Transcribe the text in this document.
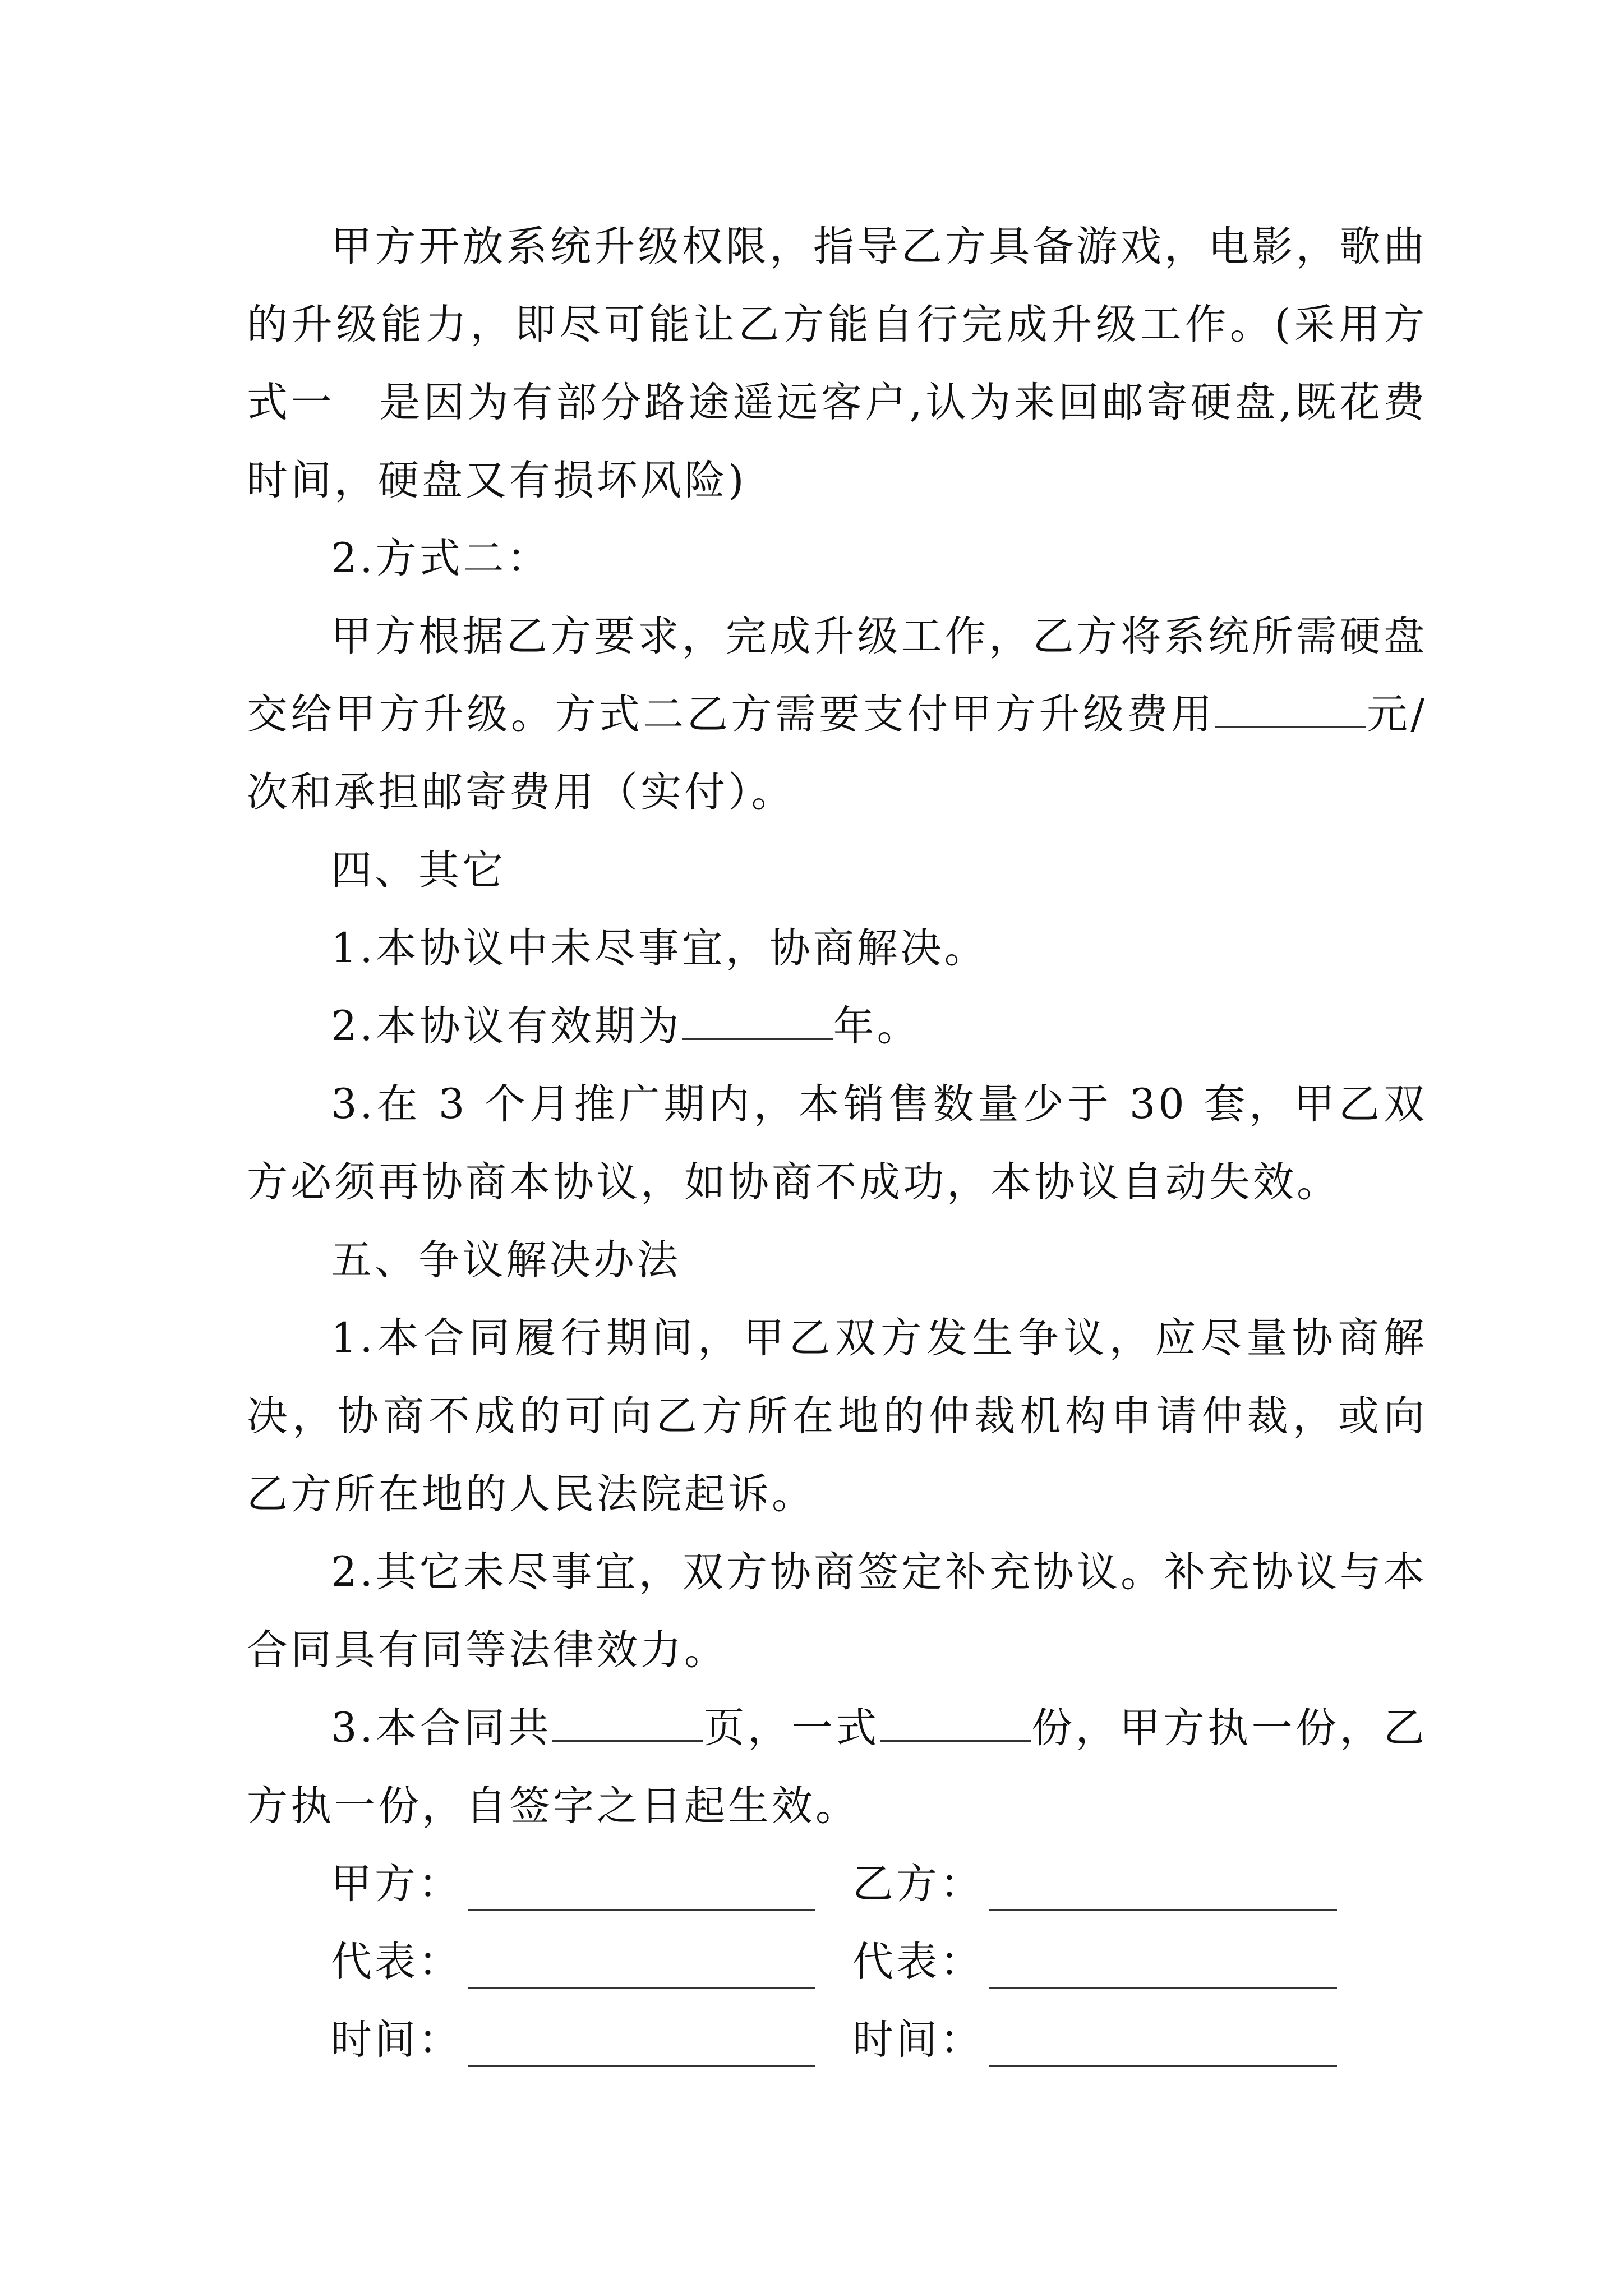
甲方开放系统升级权限，指导乙方具备游戏，电影，歌曲的升级能力，即尽可能让乙方能自行完成升级工作。(采用方式一　是因为有部分路途遥远客户,认为来回邮寄硬盘,既花费时间，硬盘又有损坏风险)

2.方式二：

甲方根据乙方要求，完成升级工作，乙方将系统所需硬盘交给甲方升级。方式二乙方需要支付甲方升级费用	元/次和承担邮寄费用（实付）。

四、其它

1.本协议中未尽事宜，协商解决。

2.本协议有效期为	年。

3.在 3 个月推广期内，本销售数量少于 30 套，甲乙双方必须再协商本协议，如协商不成功，本协议自动失效。

五、争议解决办法

1.本合同履行期间，甲乙双方发生争议，应尽量协商解决，协商不成的可向乙方所在地的仲裁机构申请仲裁，或向乙方所在地的人民法院起诉。

2.其它未尽事宜，双方协商签定补充协议。补充协议与本合同具有同等法律效力。

3.本合同共	页，一式	份，甲方执一份，乙方执一份，自签字之日起生效。

甲方：	乙方：
代表：	代表：
时间：	时间：
